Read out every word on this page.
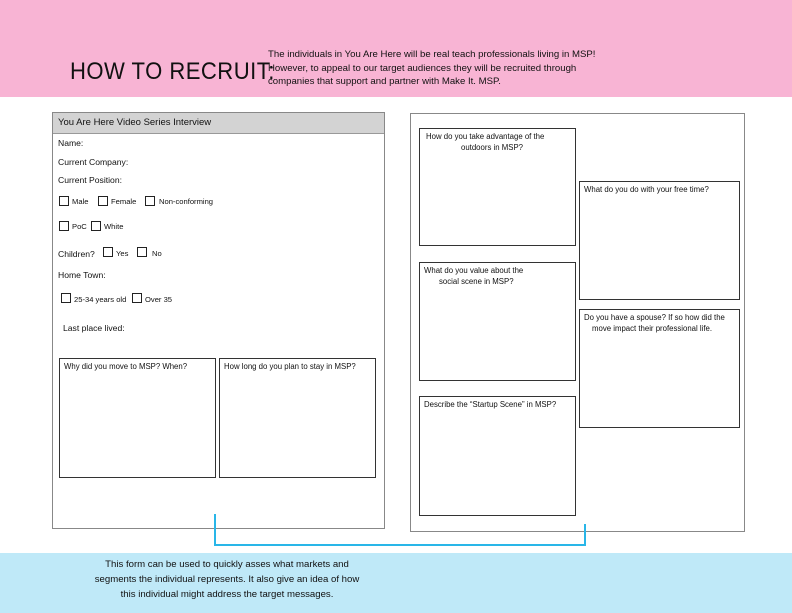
HOW TO RECRUIT:
The individuals in You Are Here will be real teach professionals living in MSP!
However, to appeal to our target audiences they will be recruited through
companies that support and partner with Make It. MSP.
You Are Here Video Series Interview
Name:
Current Company:
Current Position:
Male	Female	Non-conforming
PoC White
Children?	Yes	No
Home Town:
25-34 years old Over 35
Last place lived:
Why did you move to MSP? When?	How long do you plan to stay in MSP?
How do you take advantage of the
outdoors in MSP?
What do you do with your free time?
What do you value about the
social scene in MSP?
Do you have a spouse? If so how did the
move impact their professional life.
Describe the “Startup Scene” in MSP?
This form can be used to quickly asses what markets and
segments the individual represents. It also give an idea of how
this individual might address the target messages.
